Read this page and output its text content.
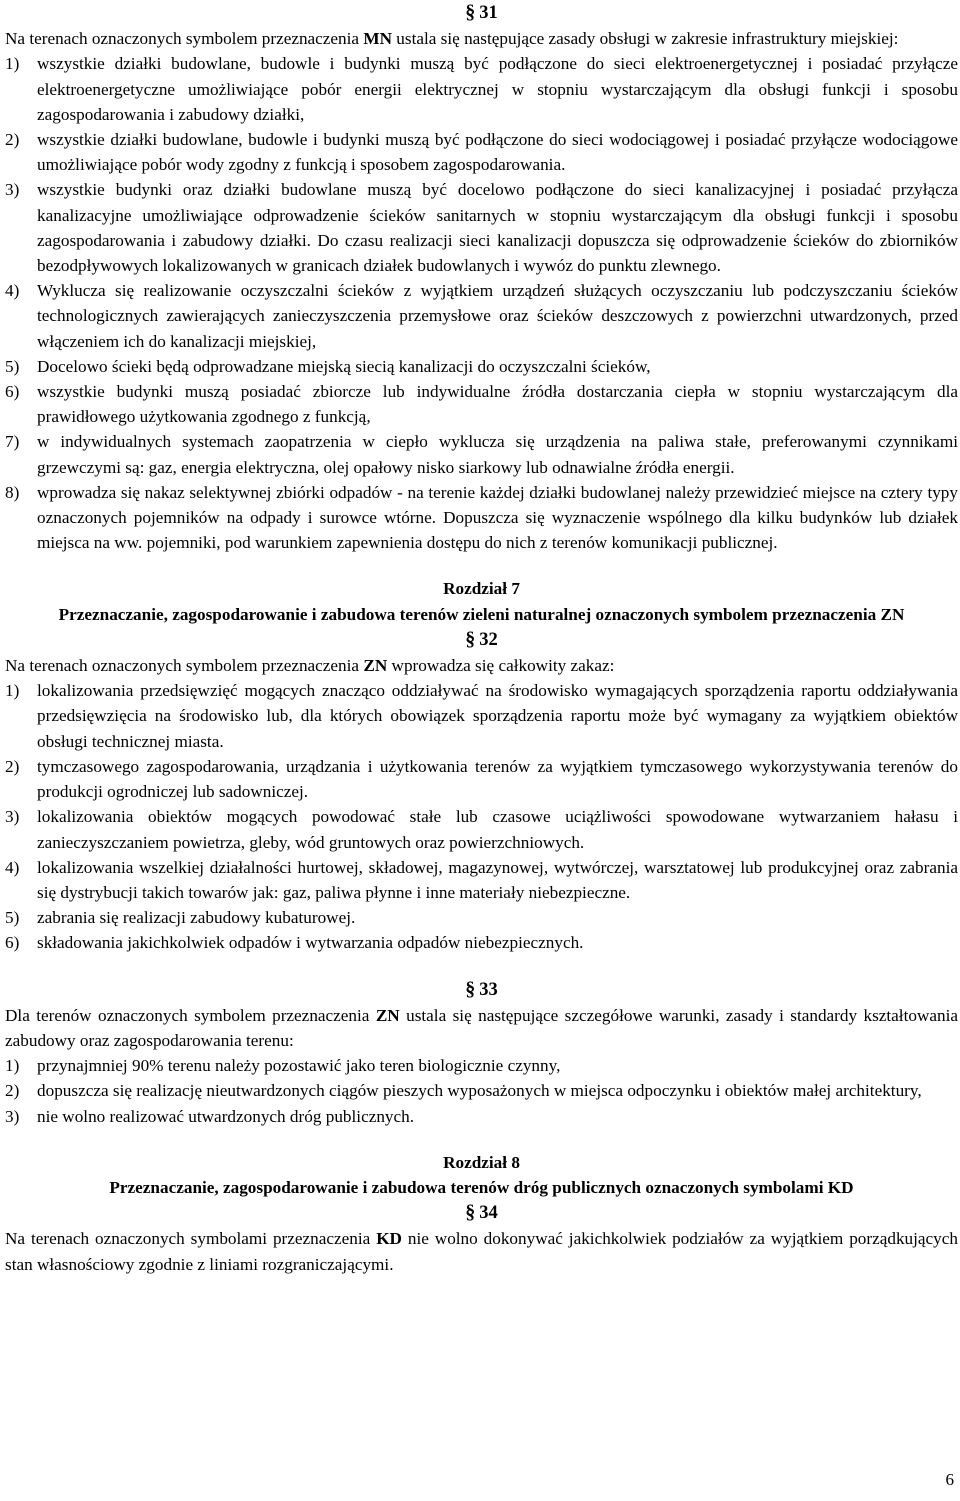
§ 31

Na terenach oznaczonych symbolem przeznaczenia MN ustala się następujące zasady obsługi w zakresie infrastruktury miejskiej:

1) wszystkie działki budowlane, budowle i budynki muszą być podłączone do sieci elektroenergetycznej i posiadać przyłącze elektroenergetyczne umożliwiające pobór energii elektrycznej w stopniu wystarczającym dla obsługi funkcji i sposobu zagospodarowania i zabudowy działki,
2) wszystkie działki budowlane, budowle i budynki muszą być podłączone do sieci wodociągowej i posiadać przyłącze wodociągowe umożliwiające pobór wody zgodny z funkcją i sposobem zagospodarowania.
3) wszystkie budynki oraz działki budowlane muszą być docelowo podłączone do sieci kanalizacyjnej i posiadać przyłącza kanalizacyjne umożliwiające odprowadzenie ścieków sanitarnych w stopniu wystarczającym dla obsługi funkcji i sposobu zagospodarowania i zabudowy działki. Do czasu realizacji sieci kanalizacji dopuszcza się odprowadzenie ścieków do zbiorników bezodpływowych lokalizowanych w granicach działek budowlanych i wywóz do punktu zlewnego.
4) Wyklucza się realizowanie oczyszczalni ścieków z wyjątkiem urządzeń służących oczyszczaniu lub podczyszczaniu ścieków technologicznych zawierających zanieczyszczenia przemysłowe oraz ścieków deszczowych z powierzchni utwardzonych, przed włączeniem ich do kanalizacji miejskiej,
5) Docelowo ścieki będą odprowadzane miejską siecią kanalizacji do oczyszczalni ścieków,
6) wszystkie budynki muszą posiadać zbiorcze lub indywidualne źródła dostarczania ciepła w stopniu wystarczającym dla prawidłowego użytkowania zgodnego z funkcją,
7) w indywidualnych systemach zaopatrzenia w ciepło wyklucza się urządzenia na paliwa stałe, preferowanymi czynnikami grzewczymi są: gaz, energia elektryczna, olej opałowy nisko siarkowy lub odnawialne źródła energii.
8) wprowadza się nakaz selektywnej zbiórki odpadów - na terenie każdej działki budowlanej należy przewidzieć miejsce na cztery typy oznaczonych pojemników na odpady i surowce wtórne. Dopuszcza się wyznaczenie wspólnego dla kilku budynków lub działek miejsca na ww. pojemniki, pod warunkiem zapewnienia dostępu do nich z terenów komunikacji publicznej.
Rozdział 7
Przeznaczanie, zagospodarowanie i zabudowa terenów zieleni naturalnej oznaczonych symbolem przeznaczenia ZN
§ 32

Na terenach oznaczonych symbolem przeznaczenia ZN wprowadza się całkowity zakaz:

1) lokalizowania przedsięwzięć mogących znacząco oddziaływać na środowisko wymagających sporządzenia raportu oddziaływania przedsięwzięcia na środowisko lub, dla których obowiązek sporządzenia raportu może być wymagany za wyjątkiem obiektów obsługi technicznej miasta.
2) tymczasowego zagospodarowania, urządzania i użytkowania terenów za wyjątkiem tymczasowego wykorzystywania terenów do produkcji ogrodniczej lub sadowniczej.
3) lokalizowania obiektów mogących powodować stałe lub czasowe uciążliwości spowodowane wytwarzaniem hałasu i zanieczyszczaniem powietrza, gleby, wód gruntowych oraz powierzchniowych.
4) lokalizowania wszelkiej działalności hurtowej, składowej, magazynowej, wytwórczej, warsztatowej lub produkcyjnej oraz zabrania się dystrybucji takich towarów jak: gaz, paliwa płynne i inne materiały niebezpieczne.
5) zabrania się realizacji zabudowy kubaturowej.
6) składowania jakichkolwiek odpadów i wytwarzania odpadów niebezpiecznych.
§ 33

Dla terenów oznaczonych symbolem przeznaczenia ZN ustala się następujące szczegółowe warunki, zasady i standardy kształtowania zabudowy oraz zagospodarowania terenu:

1) przynajmniej 90% terenu należy pozostawić jako teren biologicznie czynny,
2) dopuszcza się realizację nieutwardzonych ciągów pieszych wyposażonych w miejsca odpoczynku i obiektów małej architektury,
3) nie wolno realizować utwardzonych dróg publicznych.
Rozdział 8
Przeznaczanie, zagospodarowanie i zabudowa terenów dróg publicznych oznaczonych symbolami KD
§ 34

Na terenach oznaczonych symbolami przeznaczenia KD nie wolno dokonywać jakichkolwiek podziałów za wyjątkiem porządkujących stan własnościowy zgodnie z liniami rozgraniczającymi.

6
